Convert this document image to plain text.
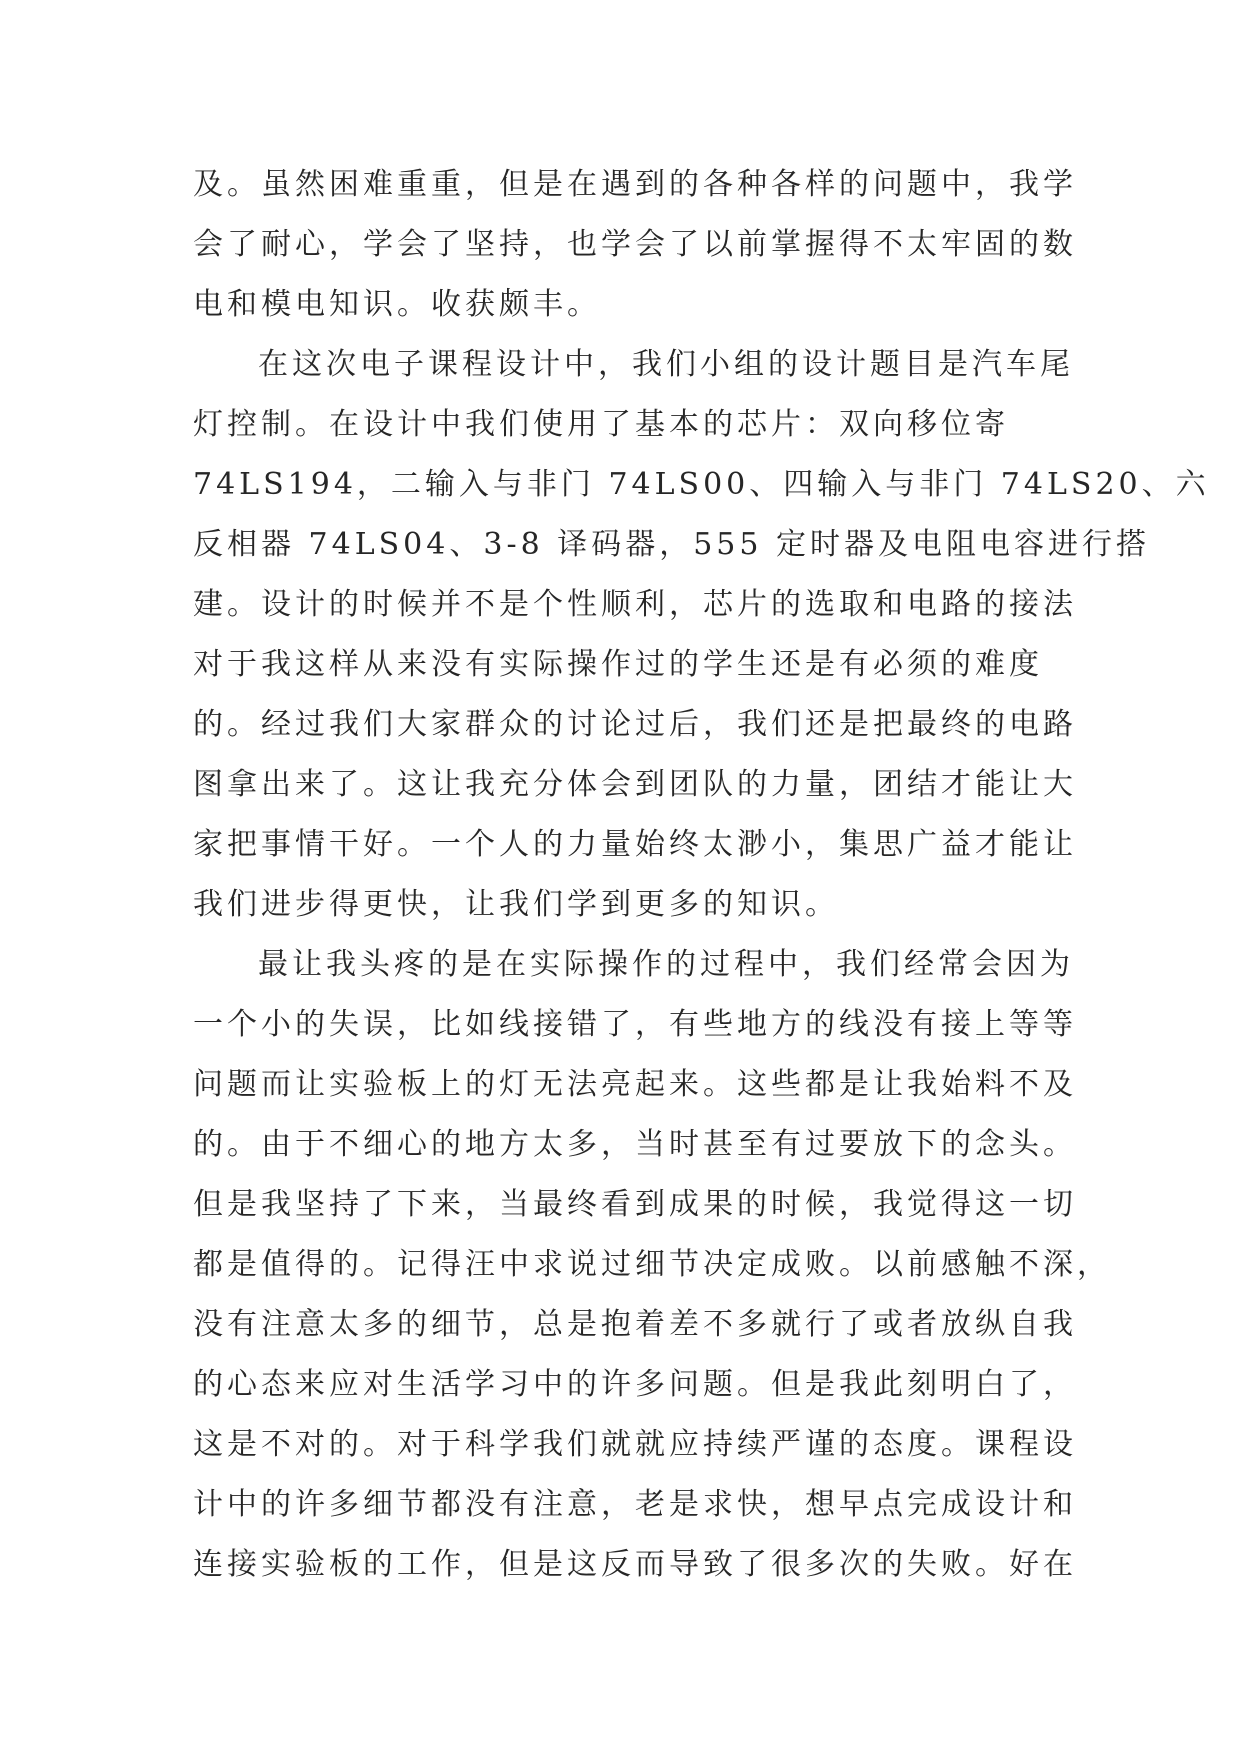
及。虽然困难重重，但是在遇到的各种各样的问题中，我学
会了耐心，学会了坚持，也学会了以前掌握得不太牢固的数
电和模电知识。收获颇丰。
在这次电子课程设计中，我们小组的设计题目是汽车尾
灯控制。在设计中我们使用了基本的芯片：双向移位寄
74LS194，二输入与非门 74LS00、四输入与非门 74LS20、六
反相器 74LS04、3-8 译码器，555 定时器及电阻电容进行搭
建。设计的时候并不是个性顺利，芯片的选取和电路的接法
对于我这样从来没有实际操作过的学生还是有必须的难度
的。经过我们大家群众的讨论过后，我们还是把最终的电路
图拿出来了。这让我充分体会到团队的力量，团结才能让大
家把事情干好。一个人的力量始终太渺小，集思广益才能让
我们进步得更快，让我们学到更多的知识。
最让我头疼的是在实际操作的过程中，我们经常会因为
一个小的失误，比如线接错了，有些地方的线没有接上等等
问题而让实验板上的灯无法亮起来。这些都是让我始料不及
的。由于不细心的地方太多，当时甚至有过要放下的念头。
但是我坚持了下来，当最终看到成果的时候，我觉得这一切
都是值得的。记得汪中求说过细节决定成败。以前感触不深，
没有注意太多的细节，总是抱着差不多就行了或者放纵自我
的心态来应对生活学习中的许多问题。但是我此刻明白了，
这是不对的。对于科学我们就就应持续严谨的态度。课程设
计中的许多细节都没有注意，老是求快，想早点完成设计和
连接实验板的工作，但是这反而导致了很多次的失败。好在
